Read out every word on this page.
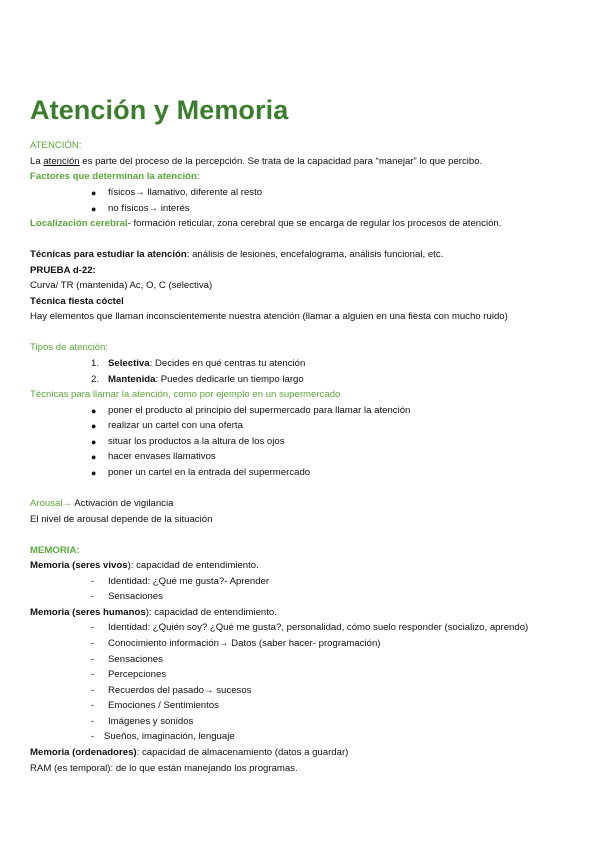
Atención y Memoria
ATENCIÓN:
La atención es parte del proceso de la percepción. Se trata de la capacidad para “manejar” lo que percibo.
Factores que determinan la atención:
● físicos→ llamativo, diferente al resto
● no físicos→ interés
Localización cerebral- formación reticular, zona cerebral que se encarga de regular los procesos de atención.
Técnicas para estudiar la atención: análisis de lesiones, encefalograma, análisis funcional, etc.
PRUEBA d-22:
Curva/ TR (mantenida) Ac, O, C (selectiva)
Técnica fiesta cóctel
Hay elementos que llaman inconscientemente nuestra atención (llamar a alguien en una fiesta con mucho ruido)
Tipos de atención:
1. Selectiva: Decides en qué centras tu atención
2. Mantenida: Puedes dedicarle un tiempo largo
Técnicas para llamar la atención, como por ejemplo en un supermercado
● poner el producto al principio del supermercado para llamar la atención
● realizar un cartel con una oferta
● situar los productos a la altura de los ojos
● hacer envases llamativos
● poner un cartel en la entrada del supermercado
Arousal→ Activación de vigilancia
El nivel de arousal depende de la situación
MEMORIA:
Memoria (seres vivos): capacidad de entendimiento.
- Identidad: ¿Qué me gusta?- Aprender
- Sensaciones
Memoria (seres humanos): capacidad de entendimiento.
- Identidad: ¿Quién soy? ¿Qué me gusta?, personalidad, cómo suelo responder (socializo, aprendo)
- Conocimiento información→ Datos (saber hacer- programación)
- Sensaciones
- Percepciones
- Recuerdos del pasado→ sucesos
- Emociones / Sentimientos
- Imágenes y sonidos
- Sueños, imaginación, lenguaje
Memoria (ordenadores): capacidad de almacenamiento (datos a guardar)
RAM (es temporal): de lo que están manejando los programas.
